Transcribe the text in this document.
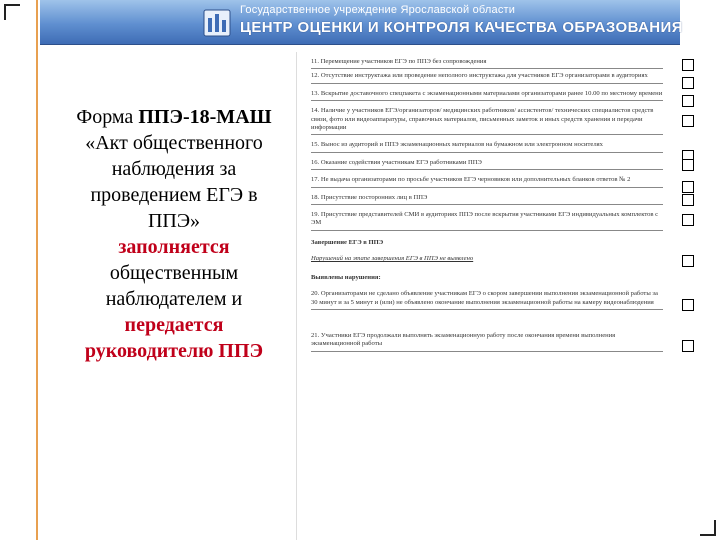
Государственное учреждение Ярославской области
ЦЕНТР ОЦЕНКИ И КОНТРОЛЯ КАЧЕСТВА ОБРАЗОВАНИЯ
Форма ППЭ-18-МАШ
«Акт общественного
наблюдения за
проведением ЕГЭ в
ППЭ»
заполняется
общественным
наблюдателем и
передается
руководителю ППЭ
11. Перемещение участников ЕГЭ по ППЭ без сопровождения
12. Отсутствие инструктажа или проведение неполного инструктажа для участников ЕГЭ организаторами в аудиториях
13. Вскрытие доставочного спецпакета с экзаменационными материалами организаторами ранее 10.00 по местному времени
14. Наличие у участников ЕГЭ/организаторов/ медицинских работников/ ассистентов/ технических специалистов средств связи, фото или видеоаппаратуры, справочных материалов, письменных заметок и иных средств хранения и передачи информации
15. Вынос из аудиторий и ППЭ экзаменационных материалов на бумажном или электронном носителях
16. Оказание содействия участникам ЕГЭ работниками ППЭ
17. Не выдача организаторами по просьбе участников ЕГЭ черновиков или дополнительных бланков ответов № 2
18. Присутствие посторонних лиц в ППЭ
19. Присутствие представителей СМИ в аудиториях ППЭ после вскрытия участниками ЕГЭ индивидуальных комплектов с ЭМ
Завершение ЕГЭ в ППЭ
Нарушений на этапе завершения ЕГЭ в ППЭ не выявлено
Выявлены нарушения:
20. Организаторами не сделано объявление участникам ЕГЭ о скором завершении выполнения экзаменационной работы за 30 минут и за 5 минут и (или) не объявлено окончание выполнения экзаменационной работы на камеру видеонаблюдения
21. Участники ЕГЭ продолжали выполнять экзаменационную работу после окончания времени выполнения экзаменационной работы
